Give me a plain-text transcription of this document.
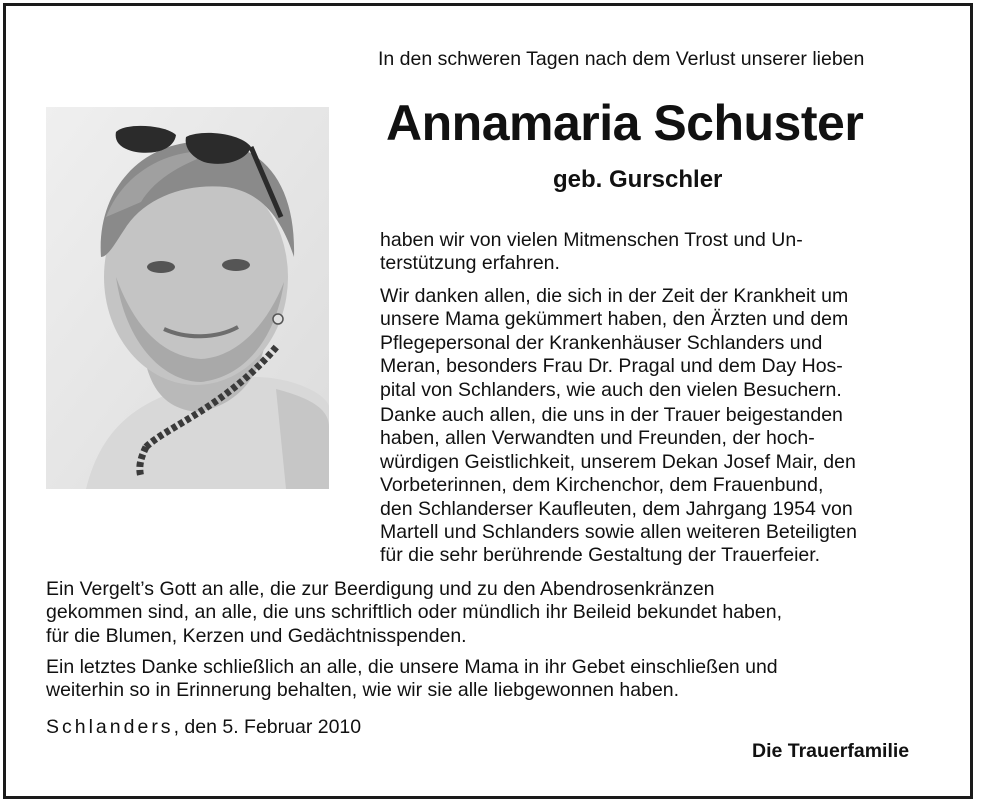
In den schweren Tagen nach dem Verlust unserer lieben
Annamaria Schuster
geb. Gurschler
haben wir von vielen Mitmenschen Trost und Un-
terstützung erfahren.
Wir danken allen, die sich in der Zeit der Krankheit um
unsere Mama gekümmert haben, den Ärzten und dem
Pflegepersonal der Krankenhäuser Schlanders und
Meran, besonders Frau Dr. Pragal und dem Day Hos-
pital von Schlanders, wie auch den vielen Besuchern.
Danke auch allen, die uns in der Trauer beigestanden
haben, allen Verwandten und Freunden, der hoch-
würdigen Geistlichkeit, unserem Dekan Josef Mair, den
Vorbeterinnen, dem Kirchenchor, dem Frauenbund,
den Schlanderser Kaufleuten, dem Jahrgang 1954 von
Martell und Schlanders sowie allen weiteren Beteiligten
für die sehr berührende Gestaltung der Trauerfeier.
Ein Vergelt’s Gott an alle, die zur Beerdigung und zu den Abendrosenkränzen
gekommen sind, an alle, die uns schriftlich oder mündlich ihr Beileid bekundet haben,
für die Blumen, Kerzen und Gedächtnisspenden.
Ein letztes Danke schließlich an alle, die unsere Mama in ihr Gebet einschließen und
weiterhin so in Erinnerung behalten, wie wir sie alle liebgewonnen haben.
Schlanders, den 5. Februar 2010
Die Trauerfamilie
